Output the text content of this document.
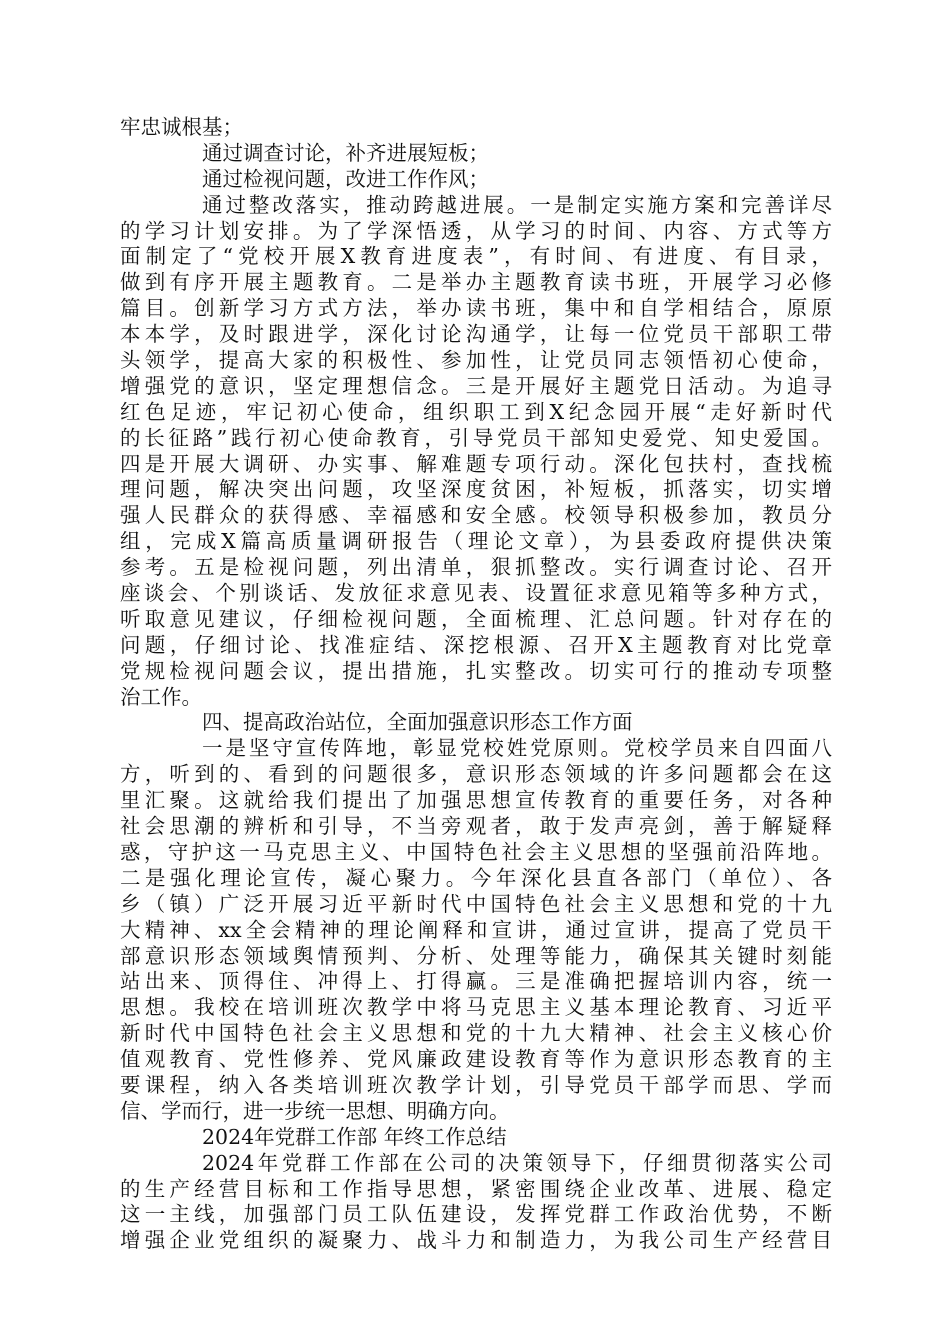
牢忠诚根基；
通过调查讨论，补齐进展短板；
通过检视问题，改进工作作风；
通过整改落实，推动跨越进展。一是制定实施方案和完善详尽
的学习计划安排。为了学深悟透，从学习的时间、内容、方式等方
面制定了“党校开展X教育进度表”，有时间、有进度、有目录，
做到有序开展主题教育。二是举办主题教育读书班，开展学习必修
篇目。创新学习方式方法，举办读书班，集中和自学相结合，原原
本本学，及时跟进学，深化讨论沟通学，让每一位党员干部职工带
头领学，提高大家的积极性、参加性，让党员同志领悟初心使命，
增强党的意识，坚定理想信念。三是开展好主题党日活动。为追寻
红色足迹，牢记初心使命，组织职工到X纪念园开展“走好新时代
的长征路”践行初心使命教育，引导党员干部知史爱党、知史爱国。
四是开展大调研、办实事、解难题专项行动。深化包扶村，查找梳
理问题，解决突出问题，攻坚深度贫困，补短板，抓落实，切实增
强人民群众的获得感、幸福感和安全感。校领导积极参加，教员分
组，完成X篇高质量调研报告（理论文章），为县委政府提供决策
参考。五是检视问题，列出清单，狠抓整改。实行调查讨论、召开
座谈会、个别谈话、发放征求意见表、设置征求意见箱等多种方式，
听取意见建议，仔细检视问题，全面梳理、汇总问题。针对存在的
问题，仔细讨论、找准症结、深挖根源、召开X主题教育对比党章
党规检视问题会议，提出措施，扎实整改。切实可行的推动专项整
治工作。
四、提高政治站位，全面加强意识形态工作方面
一是坚守宣传阵地，彰显党校姓党原则。党校学员来自四面八
方，听到的、看到的问题很多，意识形态领域的许多问题都会在这
里汇聚。这就给我们提出了加强思想宣传教育的重要任务，对各种
社会思潮的辨析和引导，不当旁观者，敢于发声亮剑，善于解疑释
惑，守护这一马克思主义、中国特色社会主义思想的坚强前沿阵地。
二是强化理论宣传，凝心聚力。今年深化县直各部门（单位）、各
乡（镇）广泛开展习近平新时代中国特色社会主义思想和党的十九
大精神、xx全会精神的理论阐释和宣讲，通过宣讲，提高了党员干
部意识形态领域舆情预判、分析、处理等能力，确保其关键时刻能
站出来、顶得住、冲得上、打得赢。三是准确把握培训内容，统一
思想。我校在培训班次教学中将马克思主义基本理论教育、习近平
新时代中国特色社会主义思想和党的十九大精神、社会主义核心价
值观教育、党性修养、党风廉政建设教育等作为意识形态教育的主
要课程，纳入各类培训班次教学计划，引导党员干部学而思、学而
信、学而行，进一步统一思想、明确方向。
2024年党群工作部 年终工作总结
2024年党群工作部在公司的决策领导下，仔细贯彻落实公司
的生产经营目标和工作指导思想，紧密围绕企业改革、进展、稳定
这一主线，加强部门员工队伍建设，发挥党群工作政治优势，不断
增强企业党组织的凝聚力、战斗力和制造力，为我公司生产经营目
